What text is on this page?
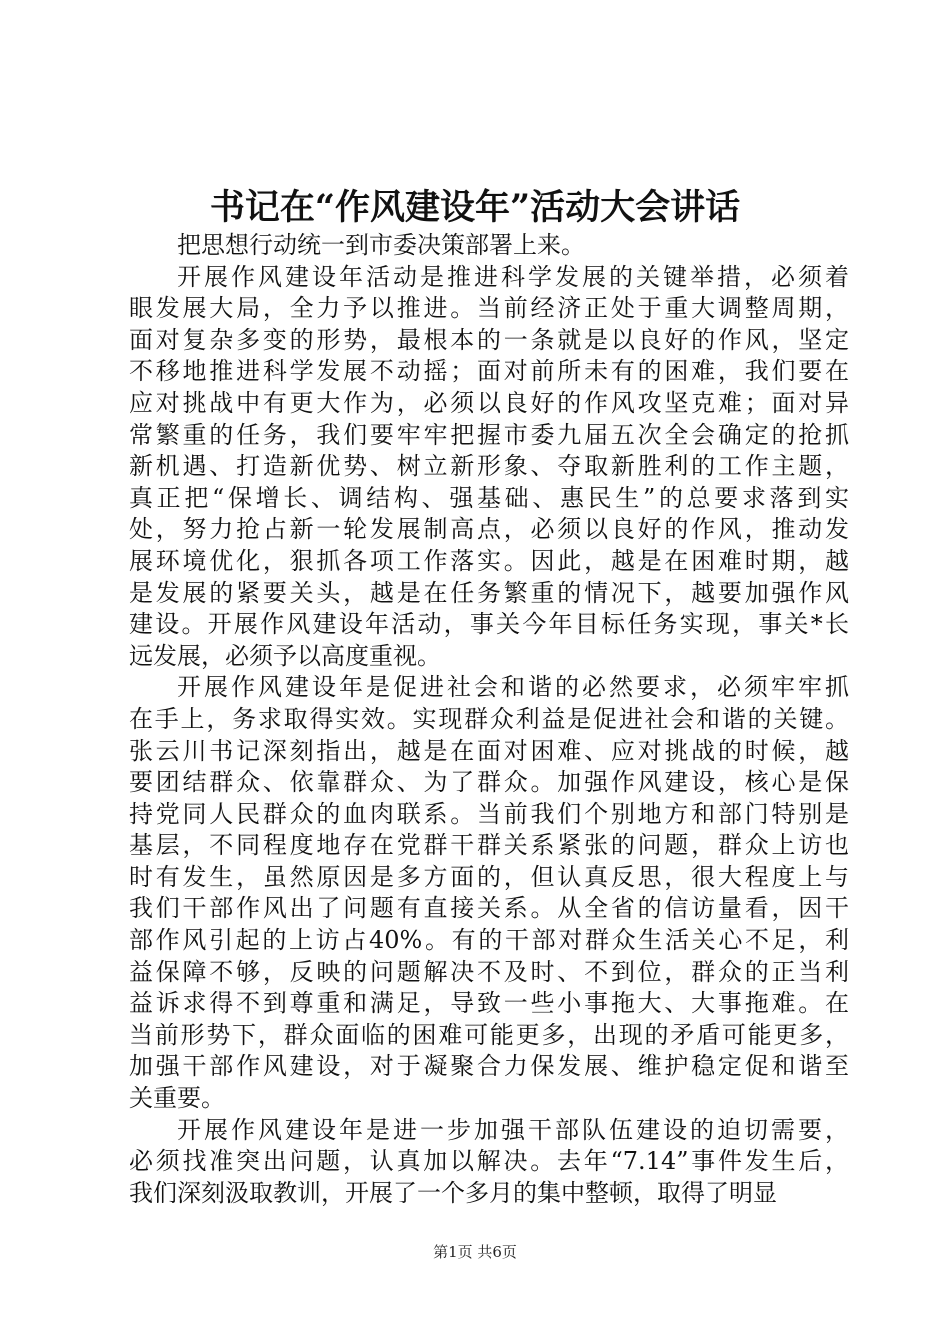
书记在“作风建设年”活动大会讲话
把思想行动统一到市委决策部署上来。
开展作风建设年活动是推进科学发展的关键举措，必须着
眼发展大局，全力予以推进。当前经济正处于重大调整周期，
面对复杂多变的形势，最根本的一条就是以良好的作风，坚定
不移地推进科学发展不动摇；面对前所未有的困难，我们要在
应对挑战中有更大作为，必须以良好的作风攻坚克难；面对异
常繁重的任务，我们要牢牢把握市委九届五次全会确定的抢抓
新机遇、打造新优势、树立新形象、夺取新胜利的工作主题，
真正把“保增长、调结构、强基础、惠民生”的总要求落到实
处，努力抢占新一轮发展制高点，必须以良好的作风，推动发
展环境优化，狠抓各项工作落实。因此，越是在困难时期，越
是发展的紧要关头，越是在任务繁重的情况下，越要加强作风
建设。开展作风建设年活动，事关今年目标任务实现，事关*长
远发展，必须予以高度重视。
开展作风建设年是促进社会和谐的必然要求，必须牢牢抓
在手上，务求取得实效。实现群众利益是促进社会和谐的关键。
张云川书记深刻指出，越是在面对困难、应对挑战的时候，越
要团结群众、依靠群众、为了群众。加强作风建设，核心是保
持党同人民群众的血肉联系。当前我们个别地方和部门特别是
基层，不同程度地存在党群干群关系紧张的问题，群众上访也
时有发生，虽然原因是多方面的，但认真反思，很大程度上与
我们干部作风出了问题有直接关系。从全省的信访量看，因干
部作风引起的上访占40%。有的干部对群众生活关心不足，利
益保障不够，反映的问题解决不及时、不到位，群众的正当利
益诉求得不到尊重和满足，导致一些小事拖大、大事拖难。在
当前形势下，群众面临的困难可能更多，出现的矛盾可能更多，
加强干部作风建设，对于凝聚合力保发展、维护稳定促和谐至
关重要。
开展作风建设年是进一步加强干部队伍建设的迫切需要，
必须找准突出问题，认真加以解决。去年“7.14”事件发生后，
我们深刻汲取教训，开展了一个多月的集中整顿，取得了明显
第1页 共6页
